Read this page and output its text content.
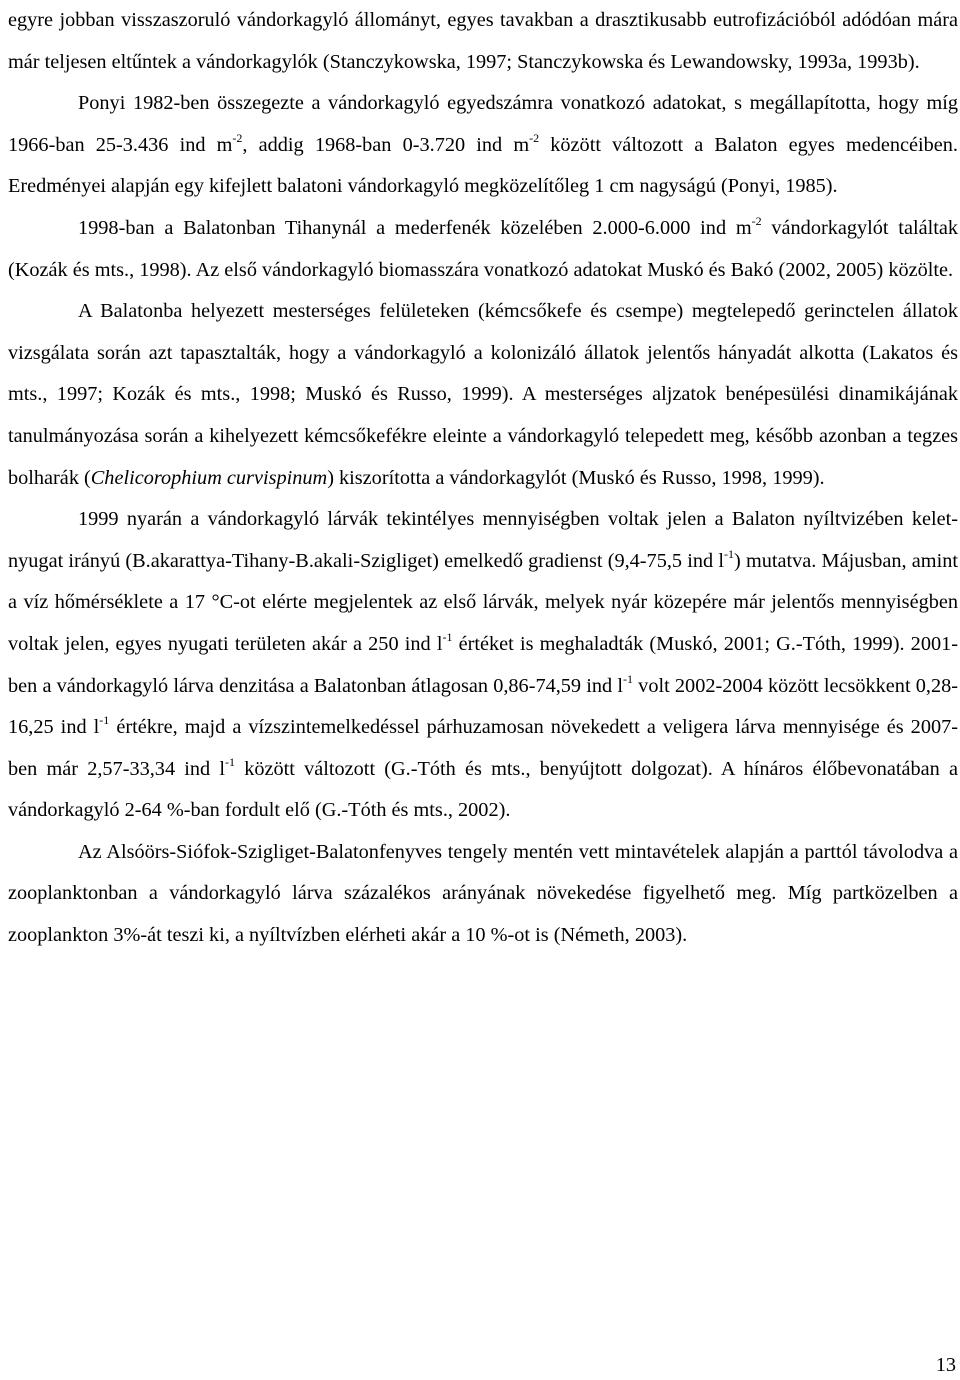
egyre jobban visszaszoruló vándorkagyló állományt, egyes tavakban a drasztikusabb eutrofizációból adódóan mára már teljesen eltűntek a vándorkagylók (Stanczykowska, 1997; Stanczykowska és Lewandowsky, 1993a, 1993b).

Ponyi 1982-ben összegezte a vándorkagyló egyedszámra vonatkozó adatokat, s megállapította, hogy míg 1966-ban 25-3.436 ind $m^{-2}$, addig 1968-ban 0-3.720 ind $m^{-2}$ között változott a Balaton egyes medencéiben. Eredményei alapján egy kifejlett balatoni vándorkagyló megközelítőleg 1 cm nagyságú (Ponyi, 1985).

1998-ban a Balatonban Tihanynál a mederfenék közelében 2.000-6.000 ind $m^{-2}$ vándorkagylót találtak (Kozák és mts., 1998). Az első vándorkagyló biomasszára vonatkozó adatokat Muskó és Bakó (2002, 2005) közölte.

A Balatonba helyezett mesterséges felületeken (kémcsőkefe és csempe) megtelepedő gerinctelen állatok vizsgálata során azt tapasztalták, hogy a vándorkagyló a kolonizáló állatok jelentős hányadát alkotta (Lakatos és mts., 1997; Kozák és mts., 1998; Muskó és Russo, 1999). A mesterséges aljzatok benépesülési dinamikájának tanulmányozása során a kihelyezett kémcsőkefékre eleinte a vándorkagyló telepedett meg, később azonban a tegzes bolharák (Chelicorophium curvispinum) kiszorította a vándorkagylót (Muskó és Russo, 1998, 1999).

1999 nyarán a vándorkagyló lárvák tekintélyes mennyiségben voltak jelen a Balaton nyíltvizében kelet-nyugat irányú (B.akarattya-Tihany-B.akali-Szigliget) emelkedő gradienst (9,4-75,5 ind $l^{-1}$) mutatva. Májusban, amint a víz hőmérséklete a 17 °C-ot elérte megjelentek az első lárvák, melyek nyár közepére már jelentős mennyiségben voltak jelen, egyes nyugati területen akár a 250 ind $l^{-1}$ értéket is meghaladták (Muskó, 2001; G.-Tóth, 1999). 2001-ben a vándorkagyló lárva denzitása a Balatonban átlagosan 0,86-74,59 ind $l^{-1}$ volt 2002-2004 között lecsökkent 0,28-16,25 ind $l^{-1}$ értékre, majd a vízszintemelkedéssel párhuzamosan növekedett a veligera lárva mennyisége és 2007-ben már 2,57-33,34 ind $l^{-1}$ között változott (G.-Tóth és mts., benyújtott dolgozat). A hínáros élőbevonatában a vándorkagyló 2-64 %-ban fordult elő (G.-Tóth és mts., 2002).

Az Alsóörs-Siófok-Szigliget-Balatonfenyves tengely mentén vett mintavételek alapján a parttól távolodva a zooplanktonban a vándorkagyló lárva százalékos arányának növekedése figyelhető meg. Míg partközelben a zooplankton 3%-át teszi ki, a nyíltvízben elérheti akár a 10 %-ot is (Németh, 2003).

13
